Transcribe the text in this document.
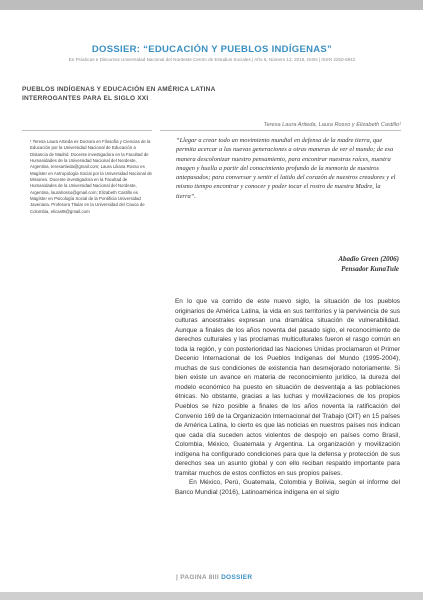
DOSSIER: “EDUCACIÓN Y PUEBLOS INDÍGENAS”
En Prácticas e Discursos Universidad Nacional del Nordeste Centro de Estudios Sociales | Año 6, Número 12, 2018, ISSN | ISSN 2250-6942
PUEBLOS INDÍGENAS Y EDUCACIÓN EN AMÉRICA LATINA
INTERROGANTES PARA EL SIGLO XXI
Teresa Laura Artieda, Laura Rosso y Elizabeth Castillo¹
¹ Teresa Laura Artieda es Doctora en Filosofía y Ciencias de la Educación por la Universidad Nacional de Educación a Distancia de Madrid. Docente investigadora en la Facultad de Humanidades de la Universidad Nacional del Nordeste, Argentina, teresartieda@gmail.com; Laura Liliana Rosso es Magíster en Antropología Social por la Universidad Nacional de Misiones. Docente investigadora en la Facultad de Humanidades de la Universidad Nacional del Nordeste, Argentina, lauralrosso@gmail.com; Elizabeth Castillo es Magíster en Psicología Social de la Pontificia Universidad Javeriana. Profesora Titular en la Universidad del Cauca de Colombia, elicast8@gmail.com
“Llegar a crear todo un movimiento mundial en defensa de la madre tierra, que permita acercar a las nuevas generaciones a otras maneras de ver el mundo; de esa manera descolonizar nuestro pensamiento, para encontrar nuestras raíces, nuestra imagen y huella a partir del conocimiento profundo de la memoria de nuestros antepasados; para conversar y sentir el latido del corazón de nuestros creadores y el mismo tiempo encontrar y conocer y poder tocar el rostro de nuestra Madre, la tierra”.
Abadio Green (2006)
Pensador KunaTule

En lo que va corrido de este nuevo siglo, la situación de los pueblos originarios de América Latina, la vida en sus territorios y la pervivencia de sus culturas ancestrales expresan una dramática situación de vulnerabilidad. Aunque a finales de los años noventa del pasado siglo, el reconocimiento de derechos culturales y las proclamas multiculturales fueron el rasgo común en toda la región, y con posterioridad las Naciones Unidas proclamaron el Primer Decenio Internacional de los Pueblos Indígenas del Mundo (1995-2004), muchas de sus condiciones de existencia han desmejorado notoriamente. Si bien existe un avance en materia de reconocimiento jurídico, la dureza del modelo económico ha puesto en situación de desventaja a las poblaciones étnicas. No obstante, gracias a las luchas y movilizaciones de los propios Pueblos se hizo posible a finales de los años noventa la ratificación del Convenio 169 de la Organización Internacional del Trabajo (OIT) en 15 países de América Latina, lo cierto es que las noticias en nuestros países nos indican que cada día suceden actos violentos de despojo en países como Brasil, Colombia, México, Guatemala y Argentina. La organización y movilización indígena ha configurado condiciones para que la defensa y protección de sus derechos sea un asunto global y con ello reciban respaldo importante para tramitar muchos de estos conflictos en sus propios países.

En México, Perú, Guatemala, Colombia y Bolivia, según el informe del Banco Mundial (2016), Latinoamérica indígena en el siglo

| PAGINA 8III DOSSIER
